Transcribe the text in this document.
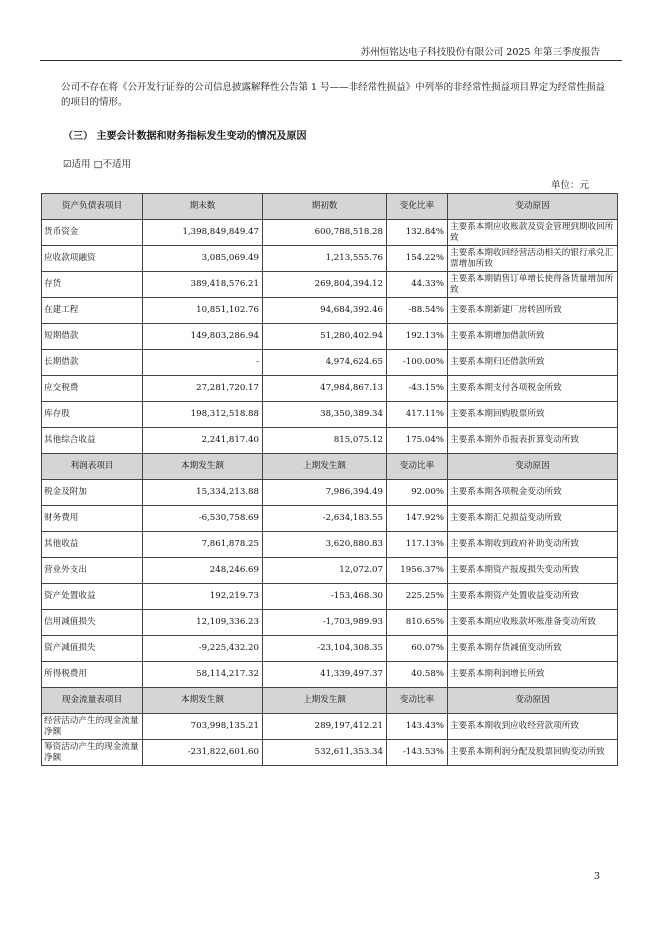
苏州恒铭达电子科技股份有限公司 2025 年第三季度报告

公司不存在将《公开发行证券的公司信息披露解释性公告第 1 号——非经常性损益》中列举的非经常性损益项目界定为经常性损益的项目的情形。

（三） 主要会计数据和财务指标发生变动的情况及原因
☑适用 □不适用
单位：元
资产负债表项目	期末数	期初数	变化比率	变动原因
货币资金	1,398,849,849.47	600,788,518.28	132.84%	主要系本期应收账款及资金管理到期收回所致
应收款项融资	3,085,069.49	1,213,555.76	154.22%	主要系本期收回经营活动相关的银行承兑汇票增加所致
存货	389,418,576.21	269,804,394.12	44.33%	主要系本期销售订单增长使得备货量增加所致
在建工程	10,851,102.76	94,684,392.46	-88.54%	主要系本期新建厂房转固所致
短期借款	149,803,286.94	51,280,402.94	192.13%	主要系本期增加借款所致
长期借款	-	4,974,624.65	-100.00%	主要系本期归还借款所致
应交税费	27,281,720.17	47,984,867.13	-43.15%	主要系本期支付各项税金所致
库存股	198,312,518.88	38,350,389.34	417.11%	主要系本期回购股票所致
其他综合收益	2,241,817.40	815,075.12	175.04%	主要系本期外币报表折算变动所致
利润表项目	本期发生额	上期发生额	变动比率	变动原因
税金及附加	15,334,213.88	7,986,394.49	92.00%	主要系本期各项税金变动所致
财务费用	-6,530,758.69	-2,634,183.55	147.92%	主要系本期汇兑损益变动所致
其他收益	7,861,878.25	3,620,880.83	117.13%	主要系本期收到政府补助变动所致
营业外支出	248,246.69	12,072.07	1956.37%	主要系本期资产报废损失变动所致
资产处置收益	192,219.73	-153,468.30	225.25%	主要系本期资产处置收益变动所致
信用减值损失	12,109,336.23	-1,703,989.93	810.65%	主要系本期应收账款坏账准备变动所致
资产减值损失	-9,225,432.20	-23,104,308.35	60.07%	主要系本期存货减值变动所致
所得税费用	58,114,217.32	41,339,497.37	40.58%	主要系本期利润增长所致
现金流量表项目	本期发生额	上期发生额	变动比率	变动原因
经营活动产生的现金流量净额	703,998,135.21	289,197,412.21	143.43%	主要系本期收到应收经营款项所致
筹资活动产生的现金流量净额	-231,822,601.60	532,611,353.34	-143.53%	主要系本期利润分配及股票回购变动所致
3
